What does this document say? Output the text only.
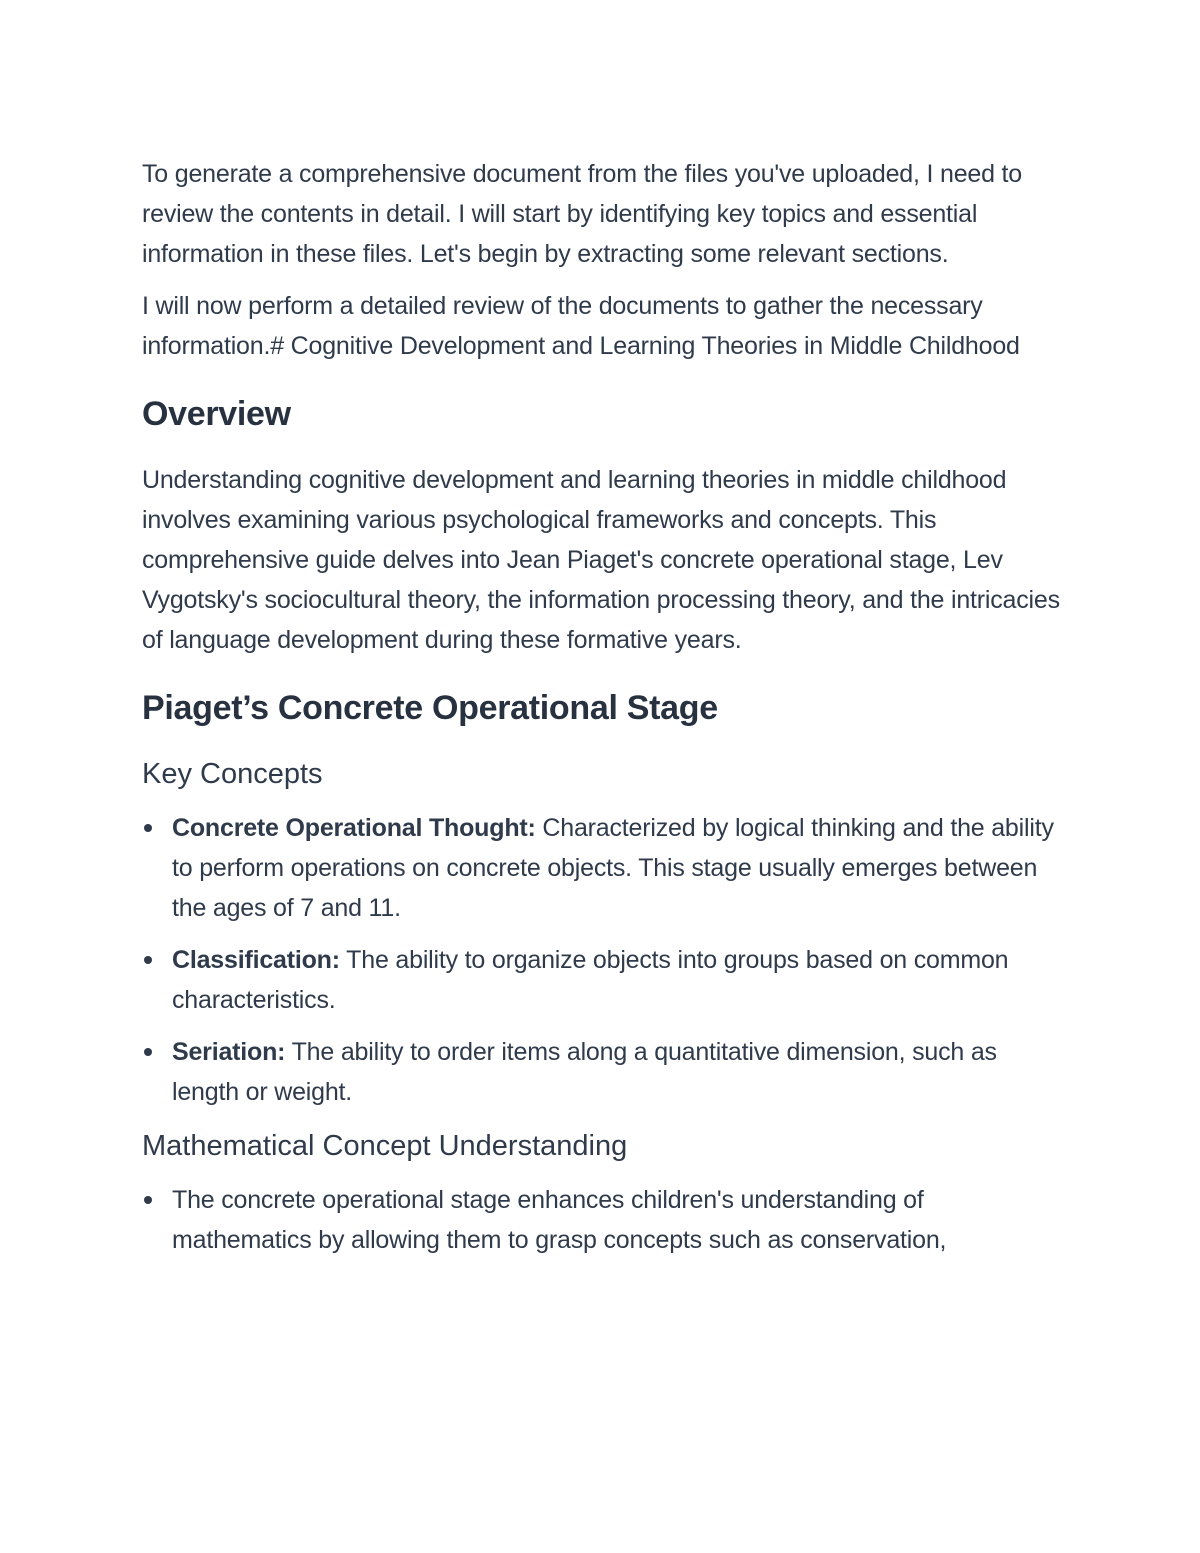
To generate a comprehensive document from the files you've uploaded, I need to review the contents in detail. I will start by identifying key topics and essential information in these files. Let's begin by extracting some relevant sections.

I will now perform a detailed review of the documents to gather the necessary information.# Cognitive Development and Learning Theories in Middle Childhood

Overview

Understanding cognitive development and learning theories in middle childhood involves examining various psychological frameworks and concepts. This comprehensive guide delves into Jean Piaget's concrete operational stage, Lev Vygotsky's sociocultural theory, the information processing theory, and the intricacies of language development during these formative years.

Piaget’s Concrete Operational Stage
Key Concepts
Concrete Operational Thought: Characterized by logical thinking and the ability to perform operations on concrete objects. This stage usually emerges between the ages of 7 and 11.
Classification: The ability to organize objects into groups based on common characteristics.
Seriation: The ability to order items along a quantitative dimension, such as length or weight.
Mathematical Concept Understanding
The concrete operational stage enhances children's understanding of mathematics by allowing them to grasp concepts such as conservation,
